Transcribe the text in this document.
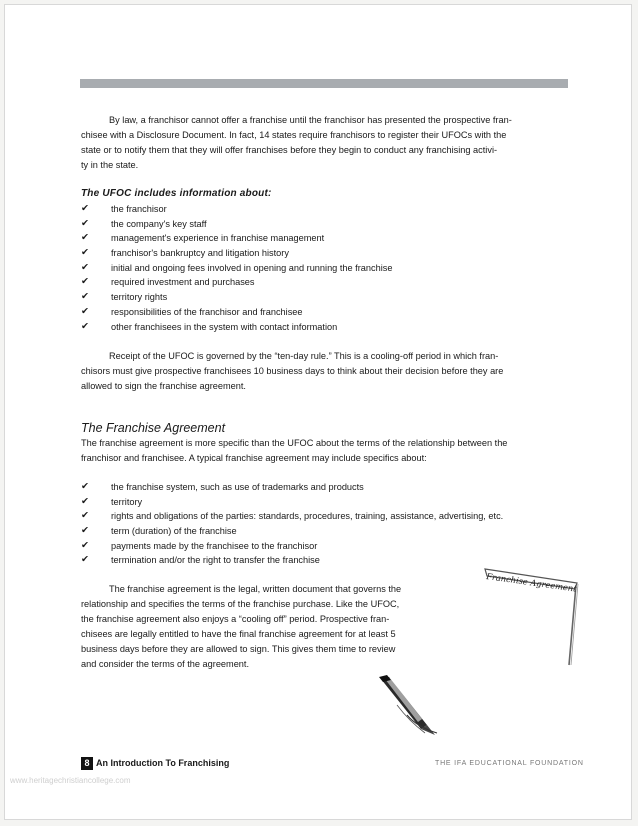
By law, a franchisor cannot offer a franchise until the franchisor has presented the prospective fran-
chisee with a Disclosure Document. In fact, 14 states require franchisors to register their UFOCs with the
state or to notify them that they will offer franchises before they begin to conduct any franchising activi-
ty in the state.
The UFOC includes information about:
✔ the franchisor
✔ the company's key staff
✔ management's experience in franchise management
✔ franchisor's bankruptcy and litigation history
✔ initial and ongoing fees involved in opening and running the franchise
✔ required investment and purchases
✔ territory rights
✔ responsibilities of the franchisor and franchisee
✔ other franchisees in the system with contact information
Receipt of the UFOC is governed by the “ten-day rule.” This is a cooling-off period in which fran-
chisors must give prospective franchisees 10 business days to think about their decision before they are
allowed to sign the franchise agreement.
The Franchise Agreement
The franchise agreement is more specific than the UFOC about the terms of the relationship between the
franchisor and franchisee. A typical franchise agreement may include specifics about:
✔ the franchise system, such as use of trademarks and products
✔ territory
✔ rights and obligations of the parties: standards, procedures, training, assistance, advertising, etc.
✔ term (duration) of the franchise
✔ payments made by the franchisee to the franchisor
✔ termination and/or the right to transfer the franchise
The franchise agreement is the legal, written document that governs the
relationship and specifies the terms of the franchise purchase. Like the UFOC,
the franchise agreement also enjoys a “cooling off” period. Prospective fran-
chisees are legally entitled to have the final franchise agreement for at least 5
business days before they are allowed to sign. This gives them time to review
and consider the terms of the agreement.
Franchise Agreement
8 An Introduction To Franchising	THE IFA EDUCATIONAL FOUNDATION
www.heritagechristiancollege.com
